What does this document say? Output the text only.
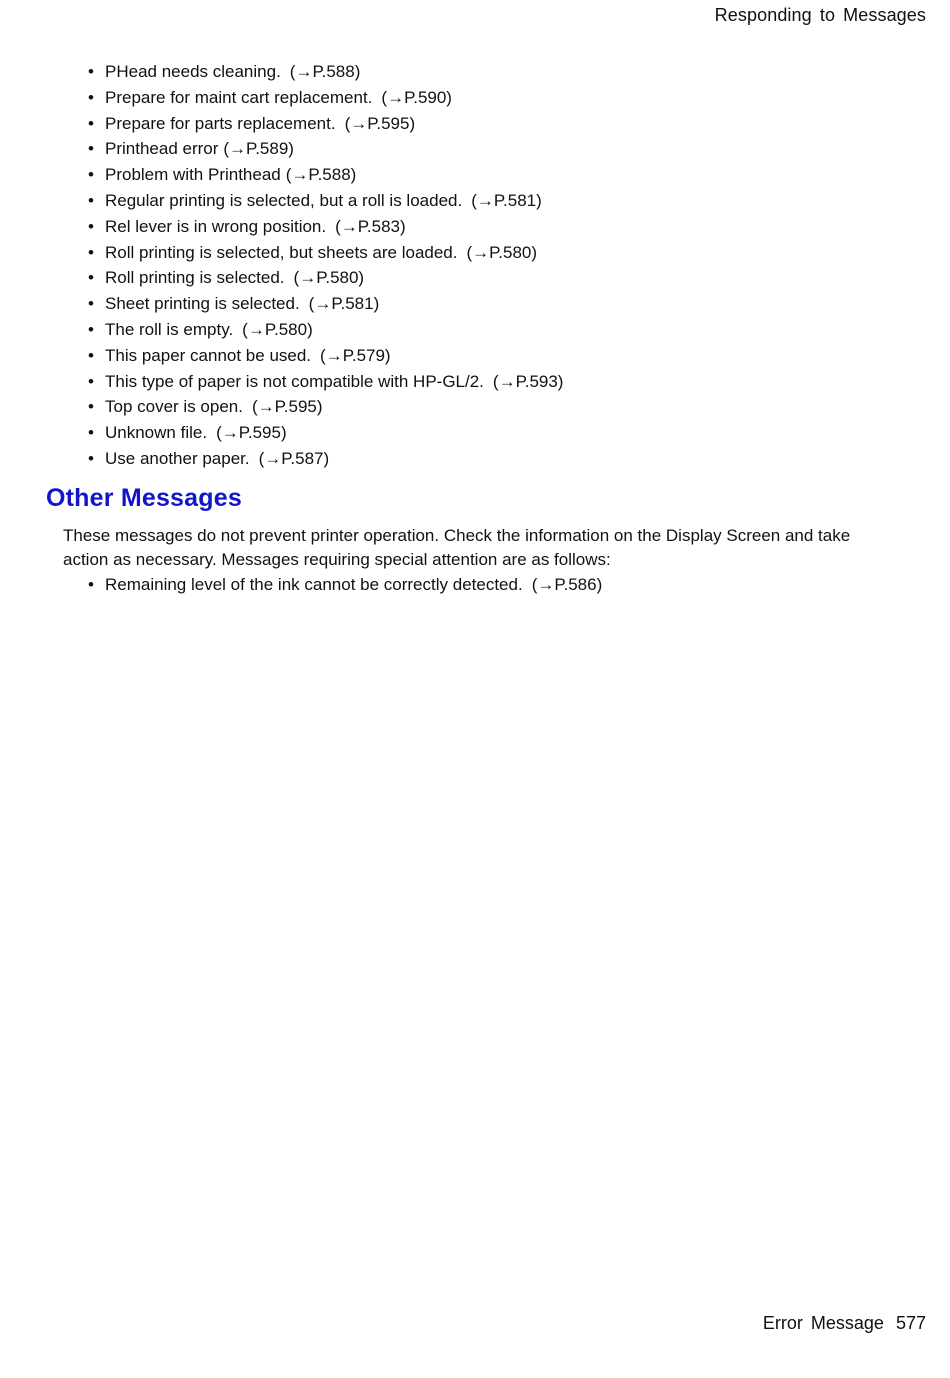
Responding to Messages
• PHead needs cleaning. (→P.588)
• Prepare for maint cart replacement. (→P.590)
• Prepare for parts replacement. (→P.595)
• Printhead error (→P.589)
• Problem with Printhead (→P.588)
• Regular printing is selected, but a roll is loaded. (→P.581)
• Rel lever is in wrong position. (→P.583)
• Roll printing is selected, but sheets are loaded. (→P.580)
• Roll printing is selected. (→P.580)
• Sheet printing is selected. (→P.581)
• The roll is empty. (→P.580)
• This paper cannot be used. (→P.579)
• This type of paper is not compatible with HP-GL/2. (→P.593)
• Top cover is open. (→P.595)
• Unknown file. (→P.595)
• Use another paper. (→P.587)
Other Messages

These messages do not prevent printer operation. Check the information on the Display Screen and take action as necessary. Messages requiring special attention are as follows:

• Remaining level of the ink cannot be correctly detected. (→P.586)
Error Message 577
